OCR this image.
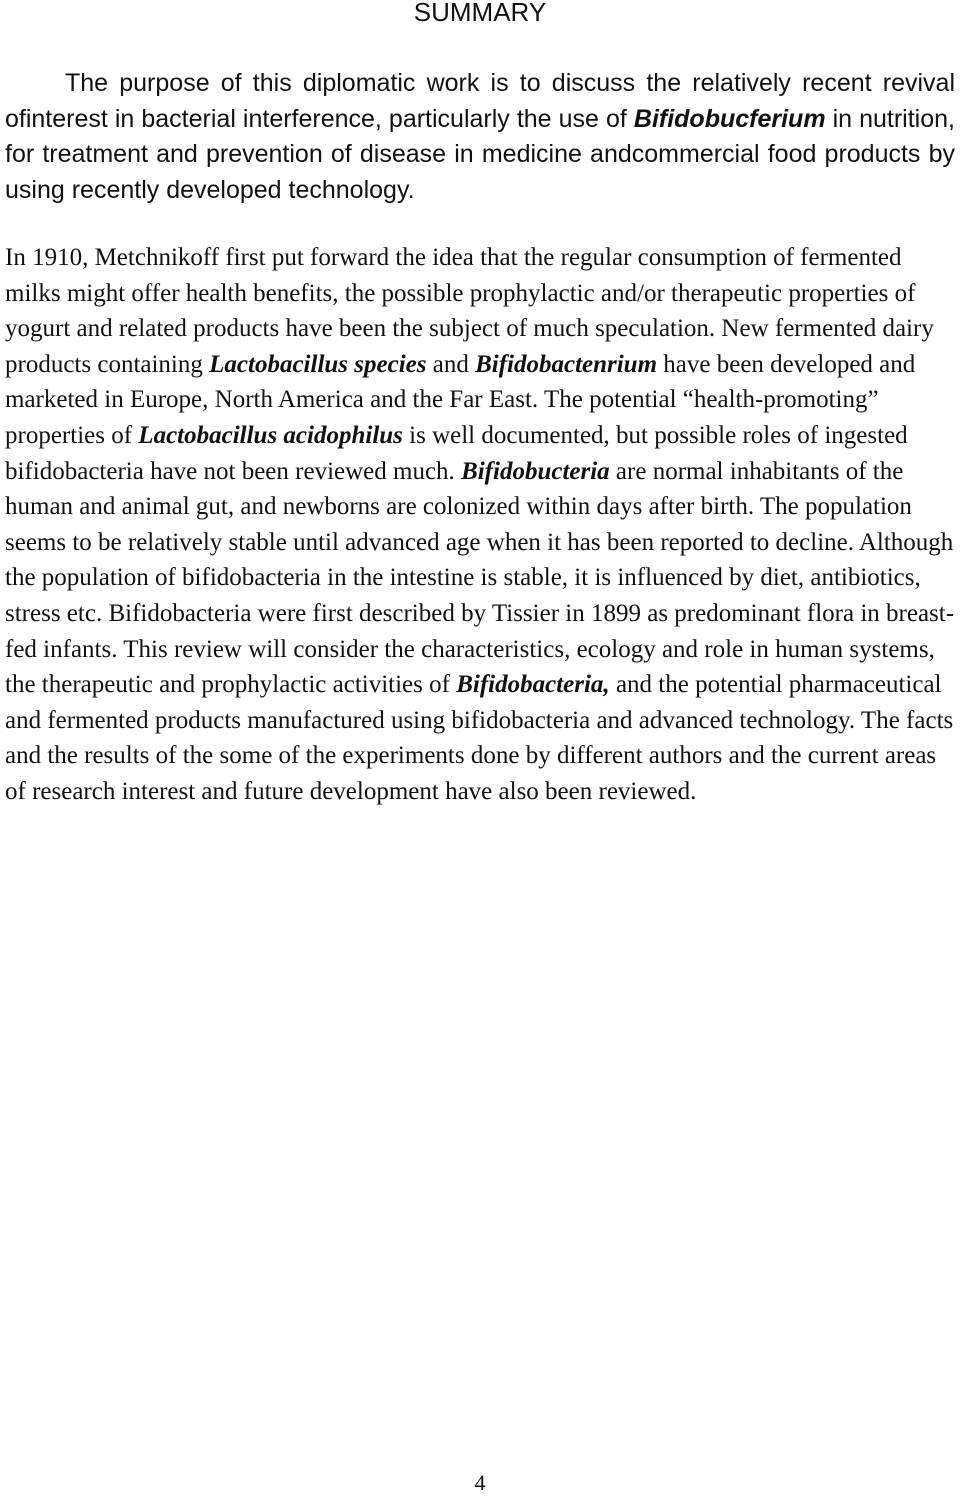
SUMMARY

The purpose of this diplomatic work is to discuss the relatively recent revival ofinterest in bacterial interference, particularly the use of Bifidobucferium in nutrition, for treatment and prevention of disease in medicine andcommercial food products by using recently developed technology.

In 1910, Metchnikoff first put forward the idea that the regular consumption of fermented milks might offer health benefits, the possible prophylactic and/or therapeutic properties of yogurt and related products have been the subject of much speculation. New fermented dairy products containing Lactobacillus species and Bifidobactenrium have been developed and marketed in Europe, North America and the Far East. The potential “health-promoting” properties of Lactobacillus acidophilus is well documented, but possible roles of ingested bifidobacteria have not been reviewed much. Bifidobucteria are normal inhabitants of the human and animal gut, and newborns are colonized within days after birth. The population seems to be relatively stable until advanced age when it has been reported to decline. Although the population of bifidobacteria in the intestine is stable, it is influenced by diet, antibiotics, stress etc. Bifidobacteria were first described by Tissier in 1899 as predominant flora in breast-fed infants. This review will consider the characteristics, ecology and role in human systems, the therapeutic and prophylactic activities of Bifidobacteria, and the potential pharmaceutical and fermented products manufactured using bifidobacteria and advanced technology. The facts and the results of the some of the experiments done by different authors and the current areas of research interest and future development have also been reviewed.

4
